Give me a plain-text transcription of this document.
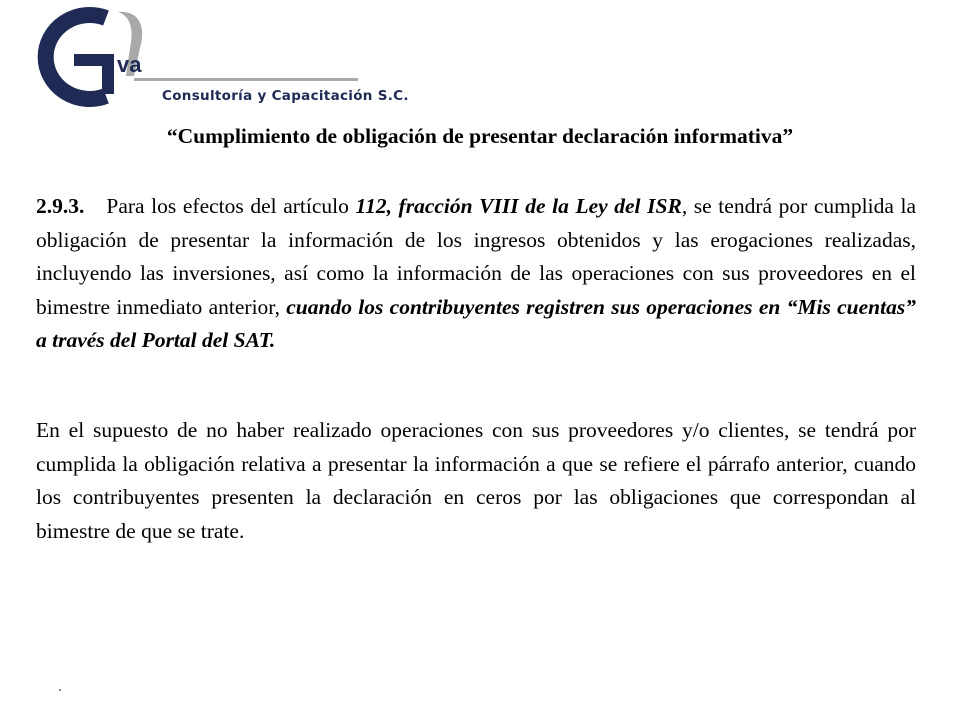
va
Consultoría y Capacitación S.C.
“Cumplimiento de obligación de presentar declaración informativa”

2.9.3. Para los efectos del artículo 112, fracción VIII de la Ley del ISR, se tendrá por cumplida la obligación de presentar la información de los ingresos obtenidos y las erogaciones realizadas, incluyendo las inversiones, así como la información de las operaciones con sus proveedores en el bimestre inmediato anterior, cuando los contribuyentes registren sus operaciones en “Mis cuentas” a través del Portal del SAT.

En el supuesto de no haber realizado operaciones con sus proveedores y/o clientes, se tendrá por cumplida la obligación relativa a presentar la información a que se refiere el párrafo anterior, cuando los contribuyentes presenten la declaración en ceros por las obligaciones que correspondan al bimestre de que se trate.
